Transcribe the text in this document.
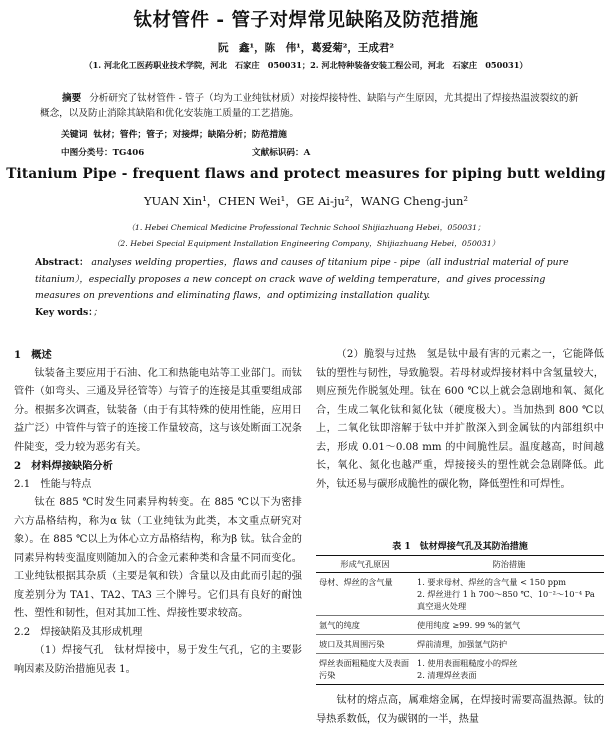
钛材管件 - 管子对焊常见缺陷及防范措施
阮　鑫¹，陈　伟¹，葛爱菊²，王成君²
（1. 河北化工医药职业技术学院，河北　石家庄　050031；2. 河北特种装备安装工程公司，河北　石家庄　050031）
摘要 分析研究了钛材管件 - 管子（均为工业纯钛材质）对接焊接特性、缺陷与产生原因，尤其提出了焊接热温波裂纹的新概念，以及防止消除其缺陷和优化安装施工质量的工艺措施。
关键词 钛材；管件；管子；对接焊；缺陷分析；防范措施
中图分类号：TG406	文献标识码：A
Titanium Pipe - frequent flaws and protect measures for piping butt welding
YUAN Xin¹，CHEN Wei¹，GE Ai-ju²，WANG Cheng-jun²
（1. Hebei Chemical Medicine Professional Technic School Shijiazhuang Hebei，050031；
（2. Hebei Special Equipment Installation Engineering Company，Shijiazhuang Hebei，050031）
Abstract： analyses welding properties，flaws and causes of titanium pipe - pipe（all industrial material of pure titanium），especially proposes a new concept on crack wave of welding temperature，and gives processing measures on preventions and eliminating flaws，and optimizing installation quality.
Key words：；

1　概述

钛装备主要应用于石油、化工和热能电站等工业部门。而钛管件（如弯头、三通及异径管等）与管子的连接是其重要组成部分。根据多次调查，钛装备（由于有其特殊的使用性能，应用日益广泛）中管件与管子的连接工作量较高，这与该处断面工况条件陡变，受力较为恶劣有关。

2　材料焊接缺陷分析

2.1　性能与特点

钛在 885 ℃时发生同素异构转变。在 885 ℃以下为密排六方晶格结构，称为α 钛（工业纯钛为此类，本文重点研究对象）。在 885 ℃以上为体心立方晶格结构，称为β 钛。钛合金的同素异构转变温度则随加入的合金元素种类和含量不同而变化。工业纯钛根据其杂质（主要是氧和铁）含量以及由此而引起的强度差别分为 TA1、TA2、TA3 三个牌号。它们具有良好的耐蚀性、塑性和韧性，但对其加工性、焊接性要求较高。

2.2　焊接缺陷及其形成机理

（1）焊接气孔　钛材焊接中，易于发生气孔，它的主要影响因素及防治措施见表 1。

（2）脆裂与过热　氢是钛中最有害的元素之一，它能降低钛的塑性与韧性，导致脆裂。若母材或焊接材料中含氢量较大，则应预先作脱氢处理。钛在 600 ℃以上就会急剧地和氧、氮化合，生成二氧化钛和氮化钛（硬度极大）。当加热到 800 ℃以上，二氧化钛即溶解于钛中并扩散深入到金属钛的内部组织中去，形成 0.01～0.08 mm 的中间脆性层。温度越高，时间越长，氧化、氮化也越严重，焊接接头的塑性就会急剧降低。此外，钛还易与碳形成脆性的碳化物，降低塑性和可焊性。

表 1　钛材焊接气孔及其防治措施
形成气孔原因	防治措施
母材、焊丝的含气量	1. 要求母材、焊丝的含气量 < 150 ppm
2. 焊丝进行 1 h 700～850 ℃、10⁻²～10⁻⁴ Pa 真空退火处理

氩气的纯度	使用纯度 ≥99. 99 %的氩气

坡口及其周围污染	焊前清理，加强氩气防护

焊丝表面粗糙度大及表面污染	1. 使用表面粗糙度小的焊丝
2. 清理焊丝表面

钛材的熔点高，属难熔金属，在焊接时需要高温热源。钛的导热系数低，仅为碳钢的一半，热量
